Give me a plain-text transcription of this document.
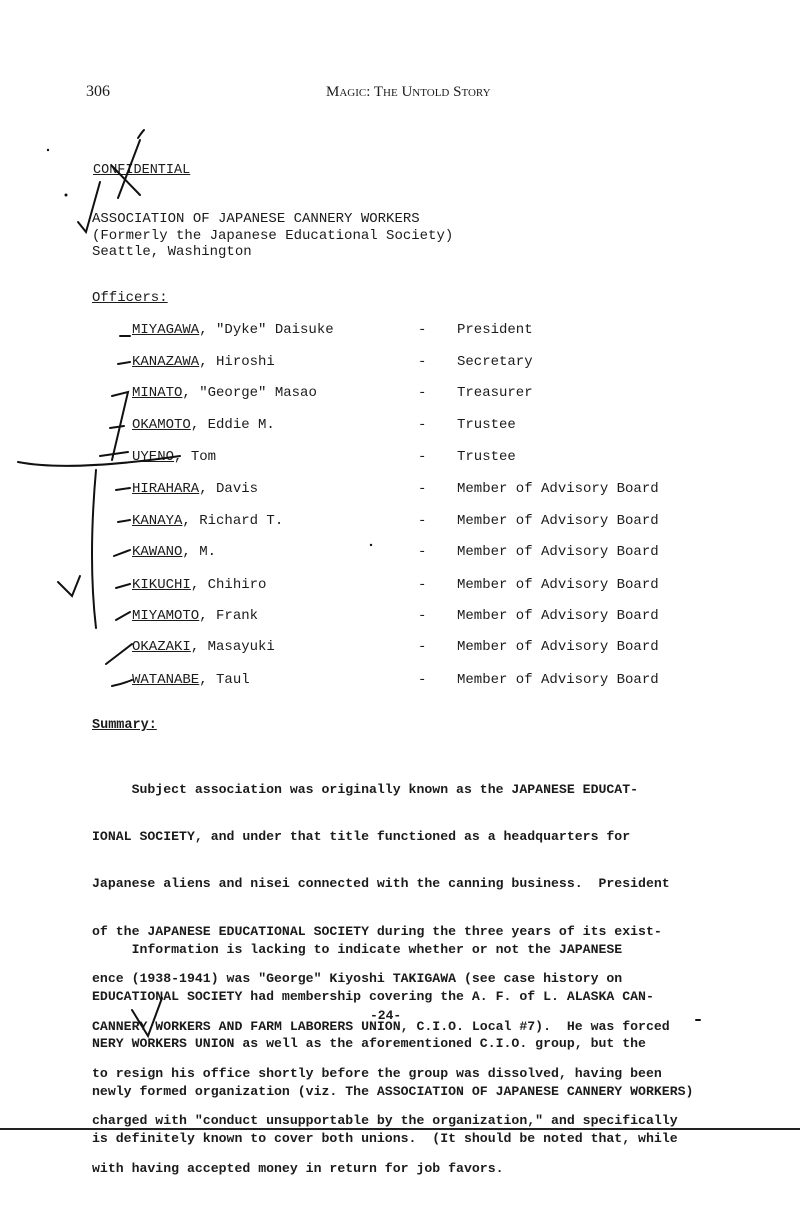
306	Magic: The Untold Story
CONFIDENTIAL
ASSOCIATION OF JAPANESE CANNERY WORKERS
(Formerly the Japanese Educational Society)
Seattle, Washington
Officers:
MIYAGAWA, "Dyke" Daisuke	- President
KANAZAWA, Hiroshi	- Secretary
MINATO, "George" Masao	- Treasurer
OKAMOTO, Eddie M.	- Trustee
UYENO, Tom	- Trustee
HIRAHARA, Davis	- Member of Advisory Board
KANAYA, Richard T.	- Member of Advisory Board
KAWANO, M.	- Member of Advisory Board
KIKUCHI, Chihiro	- Member of Advisory Board
MIYAMOTO, Frank	- Member of Advisory Board
OKAZAKI, Masayuki	- Member of Advisory Board
WATANABE, Taul	- Member of Advisory Board
Summary:

Subject association was originally known as the JAPANESE EDUCAT-

IONAL SOCIETY, and under that title functioned as a headquarters for

Japanese aliens and nisei connected with the canning business.  President

of the JAPANESE EDUCATIONAL SOCIETY during the three years of its exist-

ence (1938-1941) was "George" Kiyoshi TAKIGAWA (see case history on

CANNERY WORKERS AND FARM LABORERS UNION, C.I.O. Local #7).  He was forced

to resign his office shortly before the group was dissolved, having been

charged with "conduct unsupportable by the organization," and specifically

with having accepted money in return for job favors.

Information is lacking to indicate whether or not the JAPANESE

EDUCATIONAL SOCIETY had membership covering the A. F. of L. ALASKA CAN-

NERY WORKERS UNION as well as the aforementioned C.I.O. group, but the

newly formed organization (viz. The ASSOCIATION OF JAPANESE CANNERY WORKERS)

is definitely known to cover both unions.  (It should be noted that, while

-24-
